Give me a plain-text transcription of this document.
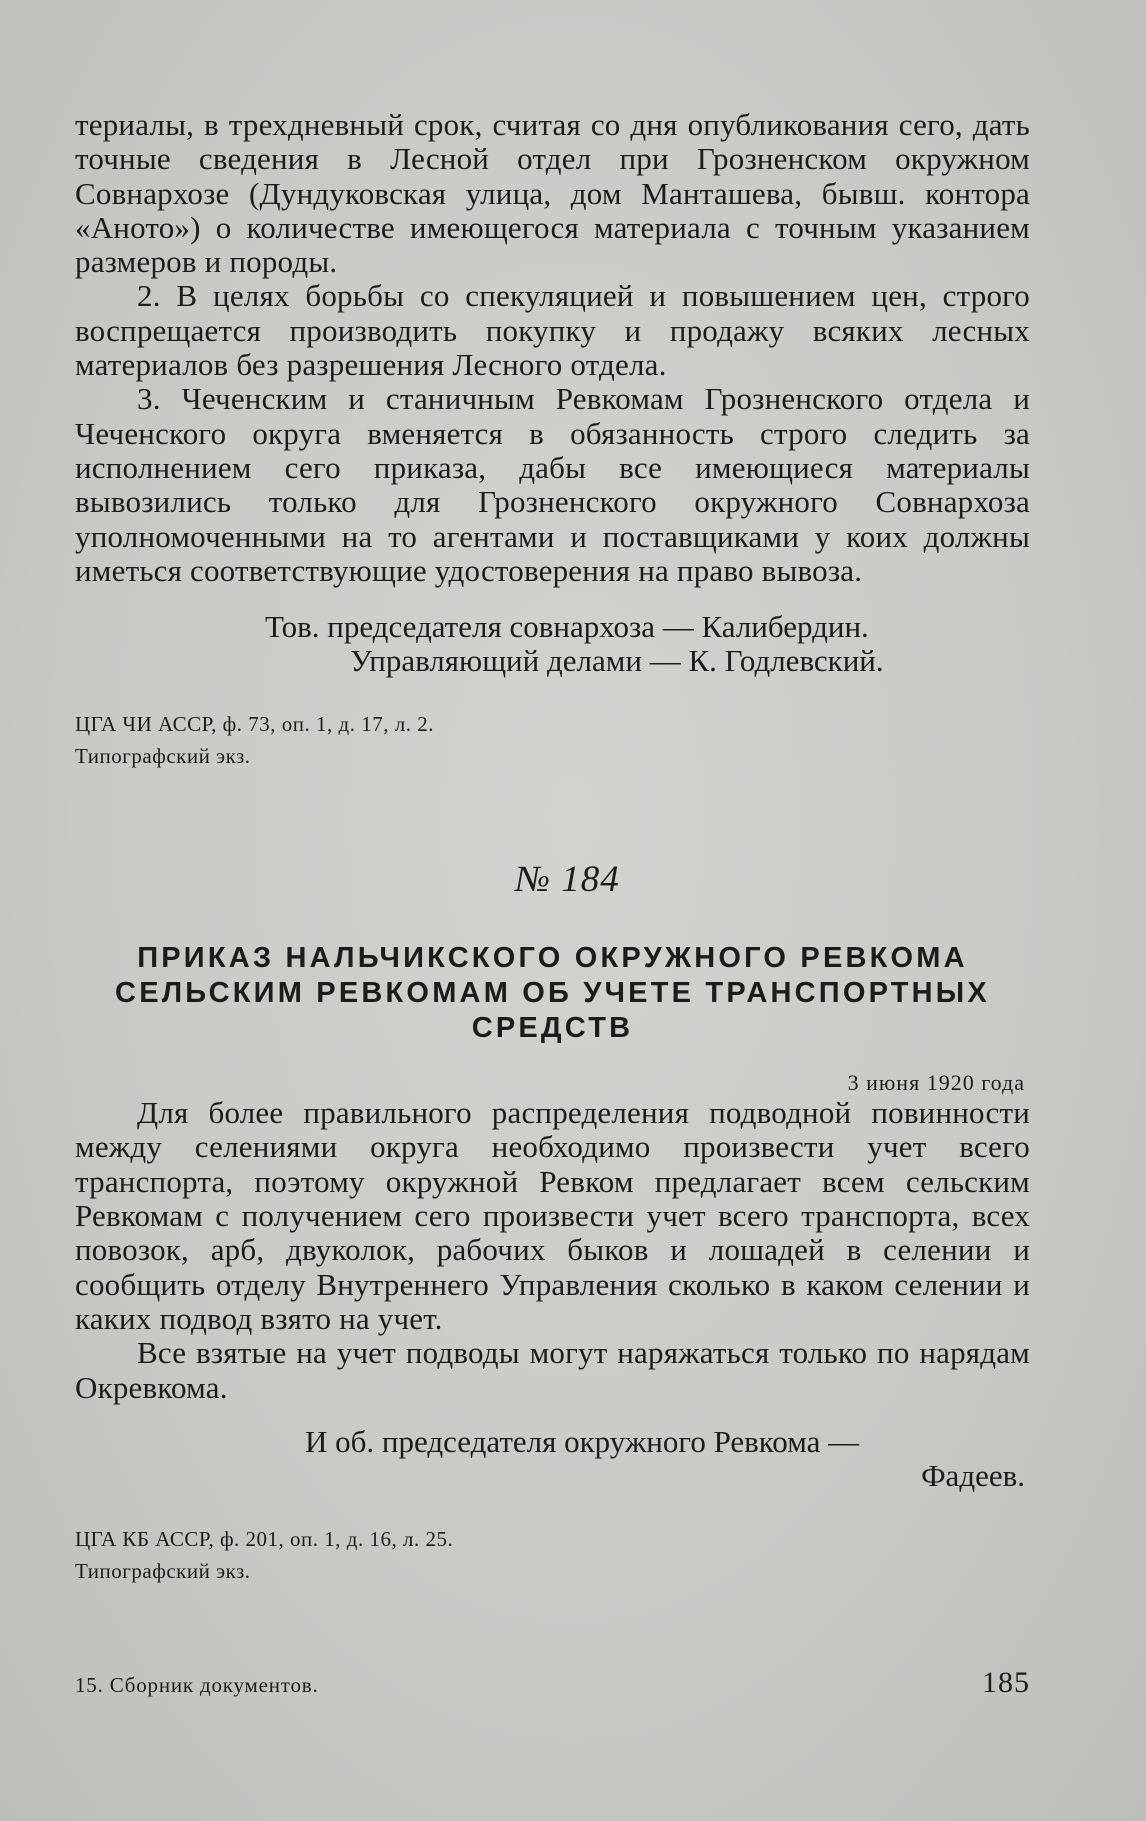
териалы, в трехдневный срок, считая со дня опубликования сего, дать точные сведения в Лесной отдел при Грозненском окружном Совнархозе (Дундуковская улица, дом Манташева, бывш. контора «Аното») о количестве имеющегося материала с точным указанием размеров и породы.

2. В целях борьбы со спекуляцией и повышением цен, строго воспрещается производить покупку и продажу всяких лесных материалов без разрешения Лесного отдела.

3. Чеченским и станичным Ревкомам Грозненского отдела и Чеченского округа вменяется в обязанность строго следить за исполнением сего приказа, дабы все имеющиеся материалы вывозились только для Грозненского окружного Совнархоза уполномоченными на то агентами и поставщиками у коих должны иметься соответствующие удостоверения на право вывоза.

Тов. председателя совнархоза — Калибердин.

Управляющий делами — К. Годлевский.

ЦГА ЧИ АССР, ф. 73, оп. 1, д. 17, л. 2.

Типографский экз.

№ 184
ПРИКАЗ НАЛЬЧИКСКОГО ОКРУЖНОГО РЕВКОМА
СЕЛЬСКИМ РЕВКОМАМ ОБ УЧЕТЕ ТРАНСПОРТНЫХ
СРЕДСТВ
3 июня 1920 года

Для более правильного распределения подводной повинности между селениями округа необходимо произвести учет всего транспорта, поэтому окружной Ревком предлагает всем сельским Ревкомам с получением сего произвести учет всего транспорта, всех повозок, арб, двуколок, рабочих быков и лошадей в селении и сообщить отделу Внутреннего Управления сколько в каком селении и каких подвод взято на учет.

Все взятые на учет подводы могут наряжаться только по нарядам Окревкома.

И об. председателя окружного Ревкома —

Фадеев.

ЦГА КБ АССР, ф. 201, оп. 1, д. 16, л. 25.

Типографский экз.

15. Сборник документов.	185
